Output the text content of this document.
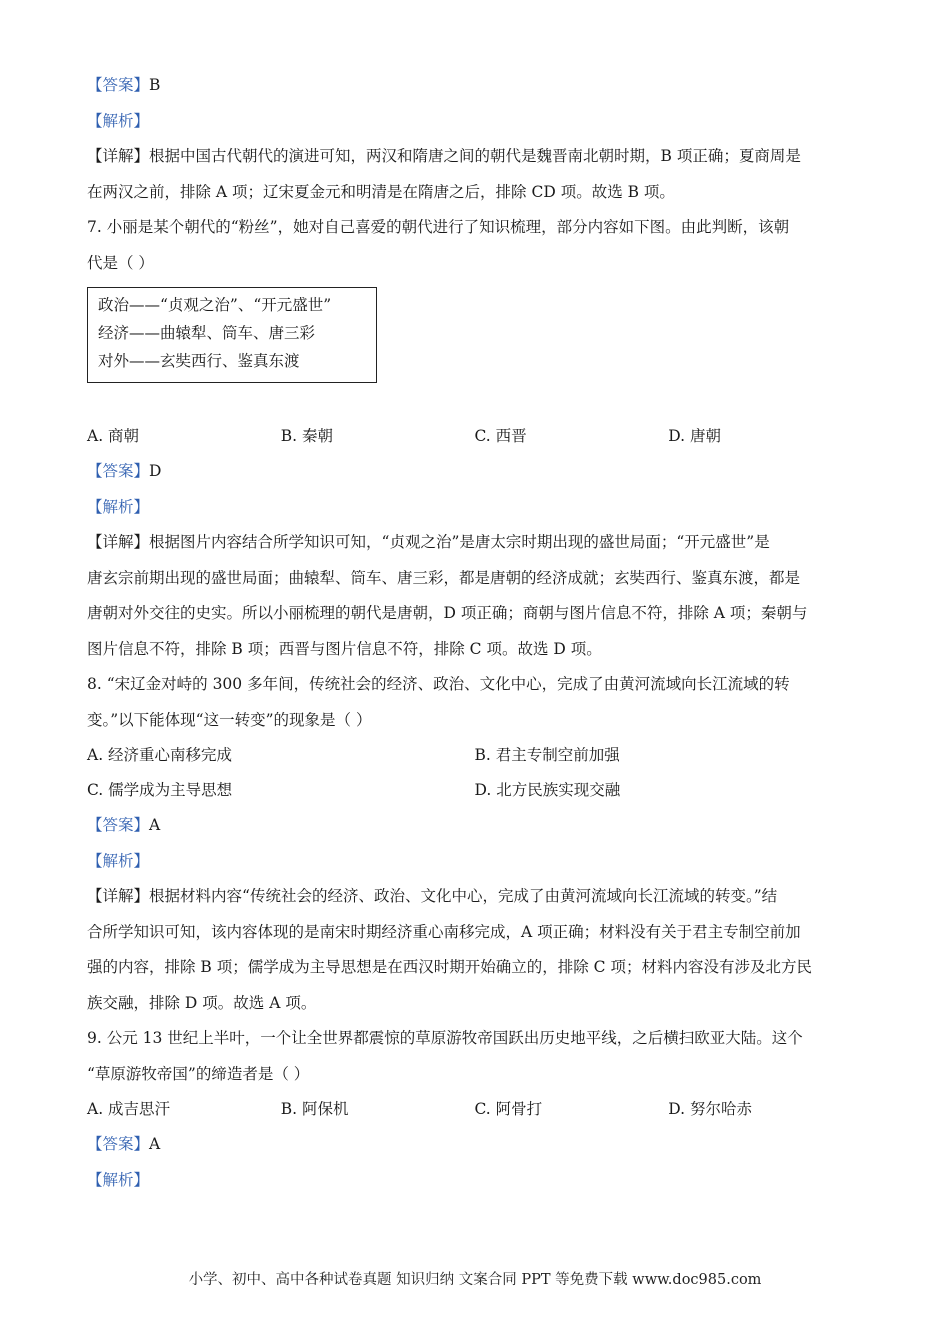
【答案】B
【解析】
【详解】根据中国古代朝代的演进可知，两汉和隋唐之间的朝代是魏晋南北朝时期，B 项正确；夏商周是
在两汉之前，排除 A 项；辽宋夏金元和明清是在隋唐之后，排除 CD 项。故选 B 项。
7. 小丽是某个朝代的“粉丝”，她对自己喜爱的朝代进行了知识梳理，部分内容如下图。由此判断，该朝
代是（ ）
政治——“贞观之治”、“开元盛世”
经济——曲辕犁、筒车、唐三彩
对外——玄奘西行、鉴真东渡
A. 商朝	B. 秦朝	C. 西晋	D. 唐朝
【答案】D
【解析】
【详解】根据图片内容结合所学知识可知，“贞观之治”是唐太宗时期出现的盛世局面；“开元盛世”是
唐玄宗前期出现的盛世局面；曲辕犁、筒车、唐三彩，都是唐朝的经济成就；玄奘西行、鉴真东渡，都是
唐朝对外交往的史实。所以小丽梳理的朝代是唐朝，D 项正确；商朝与图片信息不符，排除 A 项；秦朝与
图片信息不符，排除 B 项；西晋与图片信息不符，排除 C 项。故选 D 项。
8. “宋辽金对峙的 300 多年间，传统社会的经济、政治、文化中心，完成了由黄河流域向长江流域的转
变。”以下能体现“这一转变”的现象是（ ）
A. 经济重心南移完成	B. 君主专制空前加强
C. 儒学成为主导思想	D. 北方民族实现交融
【答案】A
【解析】
【详解】根据材料内容“传统社会的经济、政治、文化中心，完成了由黄河流域向长江流域的转变。”结
合所学知识可知，该内容体现的是南宋时期经济重心南移完成，A 项正确；材料没有关于君主专制空前加
强的内容，排除 B 项；儒学成为主导思想是在西汉时期开始确立的，排除 C 项；材料内容没有涉及北方民
族交融，排除 D 项。故选 A 项。
9. 公元 13 世纪上半叶，一个让全世界都震惊的草原游牧帝国跃出历史地平线，之后横扫欧亚大陆。这个
“草原游牧帝国”的缔造者是（ ）
A. 成吉思汗	B. 阿保机	C. 阿骨打	D. 努尔哈赤
【答案】A
【解析】
小学、初中、高中各种试卷真题 知识归纳 文案合同 PPT 等免费下载 www.doc985.com
